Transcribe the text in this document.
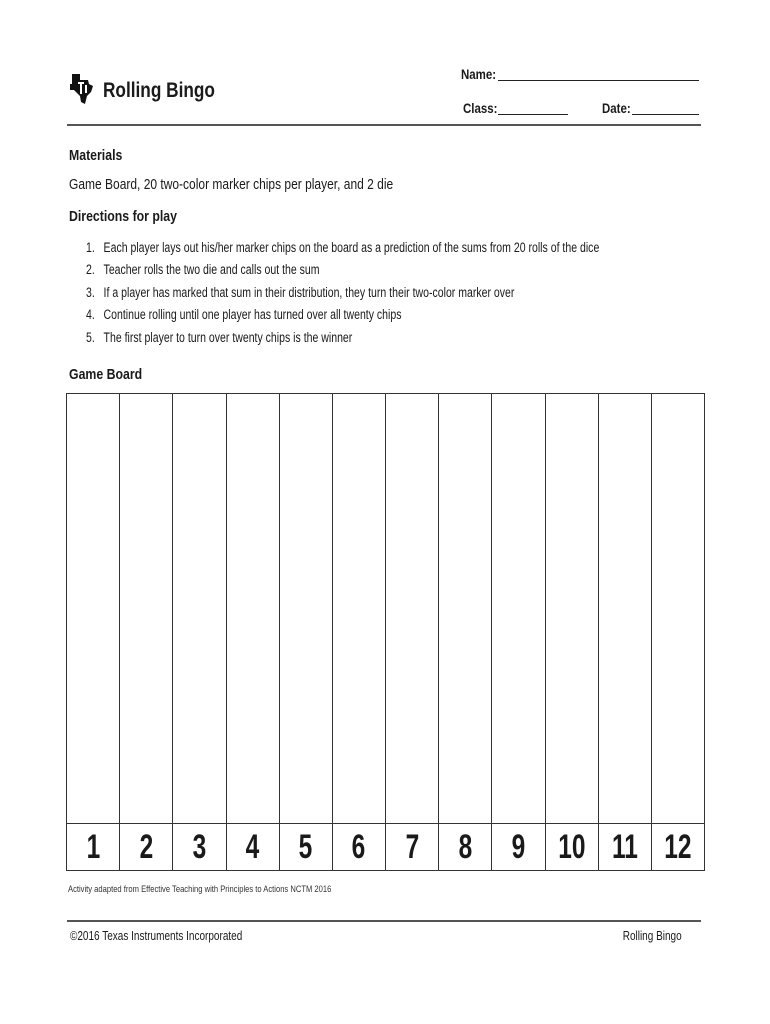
Rolling Bingo
Name:
Class:	Date:
Materials
Game Board, 20 two-color marker chips per player, and 2 die
Directions for play
1.   Each player lays out his/her marker chips on the board as a prediction of the sums from 20 rolls of the dice
2.   Teacher rolls the two die and calls out the sum
3.   If a player has marked that sum in their distribution, they turn their two-color marker over
4.   Continue rolling until one player has turned over all twenty chips
5.   The first player to turn over twenty chips is the winner
Game Board
1 2 3 4 5 6 7 8 9 10 11 12
Activity adapted from Effective Teaching with Principles to Actions NCTM 2016
©2016 Texas Instruments Incorporated	Rolling Bingo
